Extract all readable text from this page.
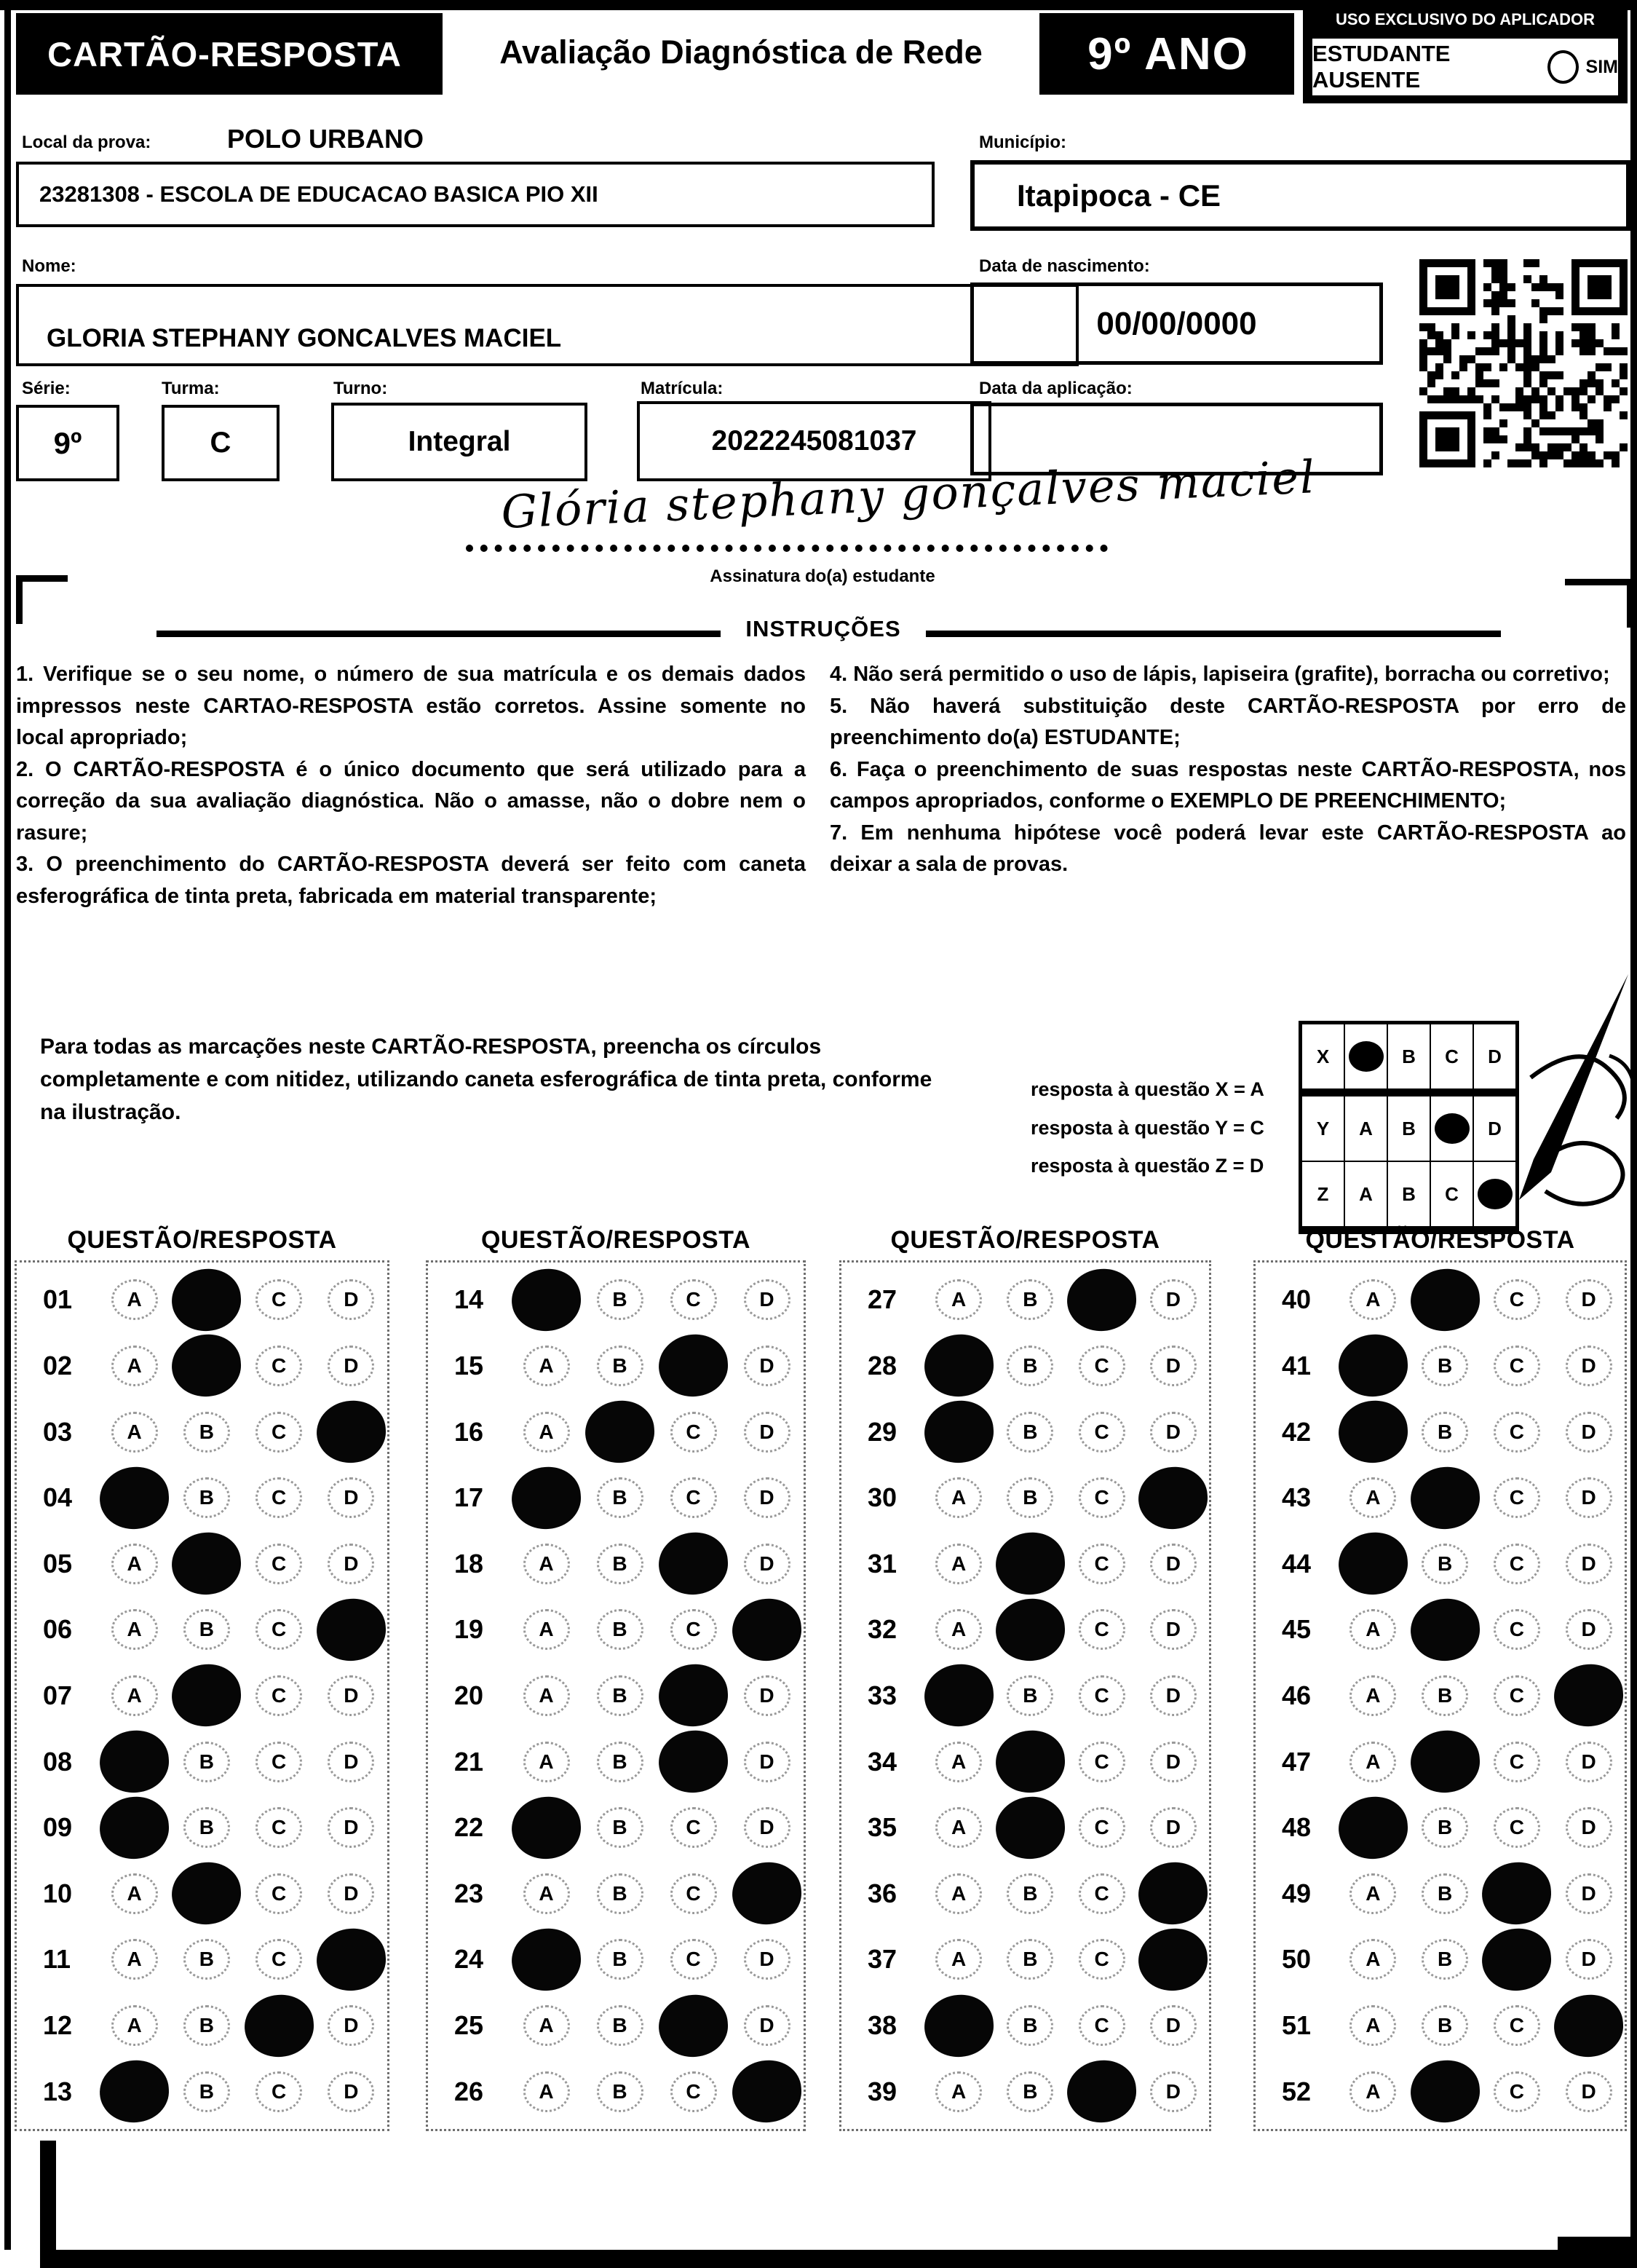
CARTÃO-RESPOSTA	Avaliação Diagnóstica de Rede	9º ANO
USO EXCLUSIVO DO APLICADOR
ESTUDANTE AUSENTE
SIM
Local da prova:	POLO URBANO	Município:
23281308 - ESCOLA DE EDUCACAO BASICA PIO XII	Itapipoca - CE
Nome:
GLORIA STEPHANY GONCALVES MACIEL
Data de nascimento:
00/00/0000
Série:
9º
Turma:
C
Turno:
Integral
Matrícula:
2022245081037
Data da aplicação:
Glória stephany gonçalves maciel
Assinatura do(a) estudante
INSTRUÇÕES

1. Verifique se o seu nome, o número de sua matrícula e os demais dados impressos neste CARTAO-RESPOSTA estão corretos. Assine somente no local apropriado;

2. O CARTÃO-RESPOSTA é o único documento que será utilizado para a correção da sua avaliação diagnóstica. Não o amasse, não o dobre nem o rasure;

3. O preenchimento do CARTÃO-RESPOSTA deverá ser feito com caneta esferográfica de tinta preta, fabricada em material transparente;

4. Não será permitido o uso de lápis, lapiseira (grafite), borracha ou corretivo;

5. Não haverá substituição deste CARTÃO-RESPOSTA por erro de preenchimento do(a) ESTUDANTE;

6. Faça o preenchimento de suas respostas neste CARTÃO-RESPOSTA, nos campos apropriados, conforme o EXEMPLO DE PREENCHIMENTO;

7. Em nenhuma hipótese você poderá levar este CARTÃO-RESPOSTA ao deixar a sala de provas.

Para todas as marcações neste CARTÃO-RESPOSTA, preencha os círculos completamente e com nitidez, utilizando caneta esferográfica de tinta preta, conforme na ilustração.
resposta à questão X = A
resposta à questão Y = C
resposta à questão Z = D
X		B	C	D
Y	A	B		D
Z	A	B	C	
QUESTÃO/RESPOSTA
01	A	C	D
02	A	C	D
03	A	B	C
04	B	C	D
05	A	C	D
06	A	B	C
07	A	C	D
08	B	C	D
09	B	C	D
10	A	C	D
11	A	B	C
12	A	B	D
13	B	C	D
QUESTÃO/RESPOSTA
14	B	C	D
15	A	B	D
16	A	C	D
17	B	C	D
18	A	B	D
19	A	B	C
20	A	B	D
21	A	B	D
22	B	C	D
23	A	B	C
24	B	C	D
25	A	B	D
26	A	B	C
QUESTÃO/RESPOSTA
27	A	B	D
28	B	C	D
29	B	C	D
30	A	B	C
31	A	C	D
32	A	C	D
33	B	C	D
34	A	C	D
35	A	C	D
36	A	B	C
37	A	B	C
38	B	C	D
39	A	B	D
QUESTÃO/RESPOSTA
40	A	C	D
41	B	C	D
42	B	C	D
43	A	C	D
44	B	C	D
45	A	C	D
46	A	B	C
47	A	C	D
48	B	C	D
49	A	B	D
50	A	B	D
51	A	B	C
52	A	C	D
